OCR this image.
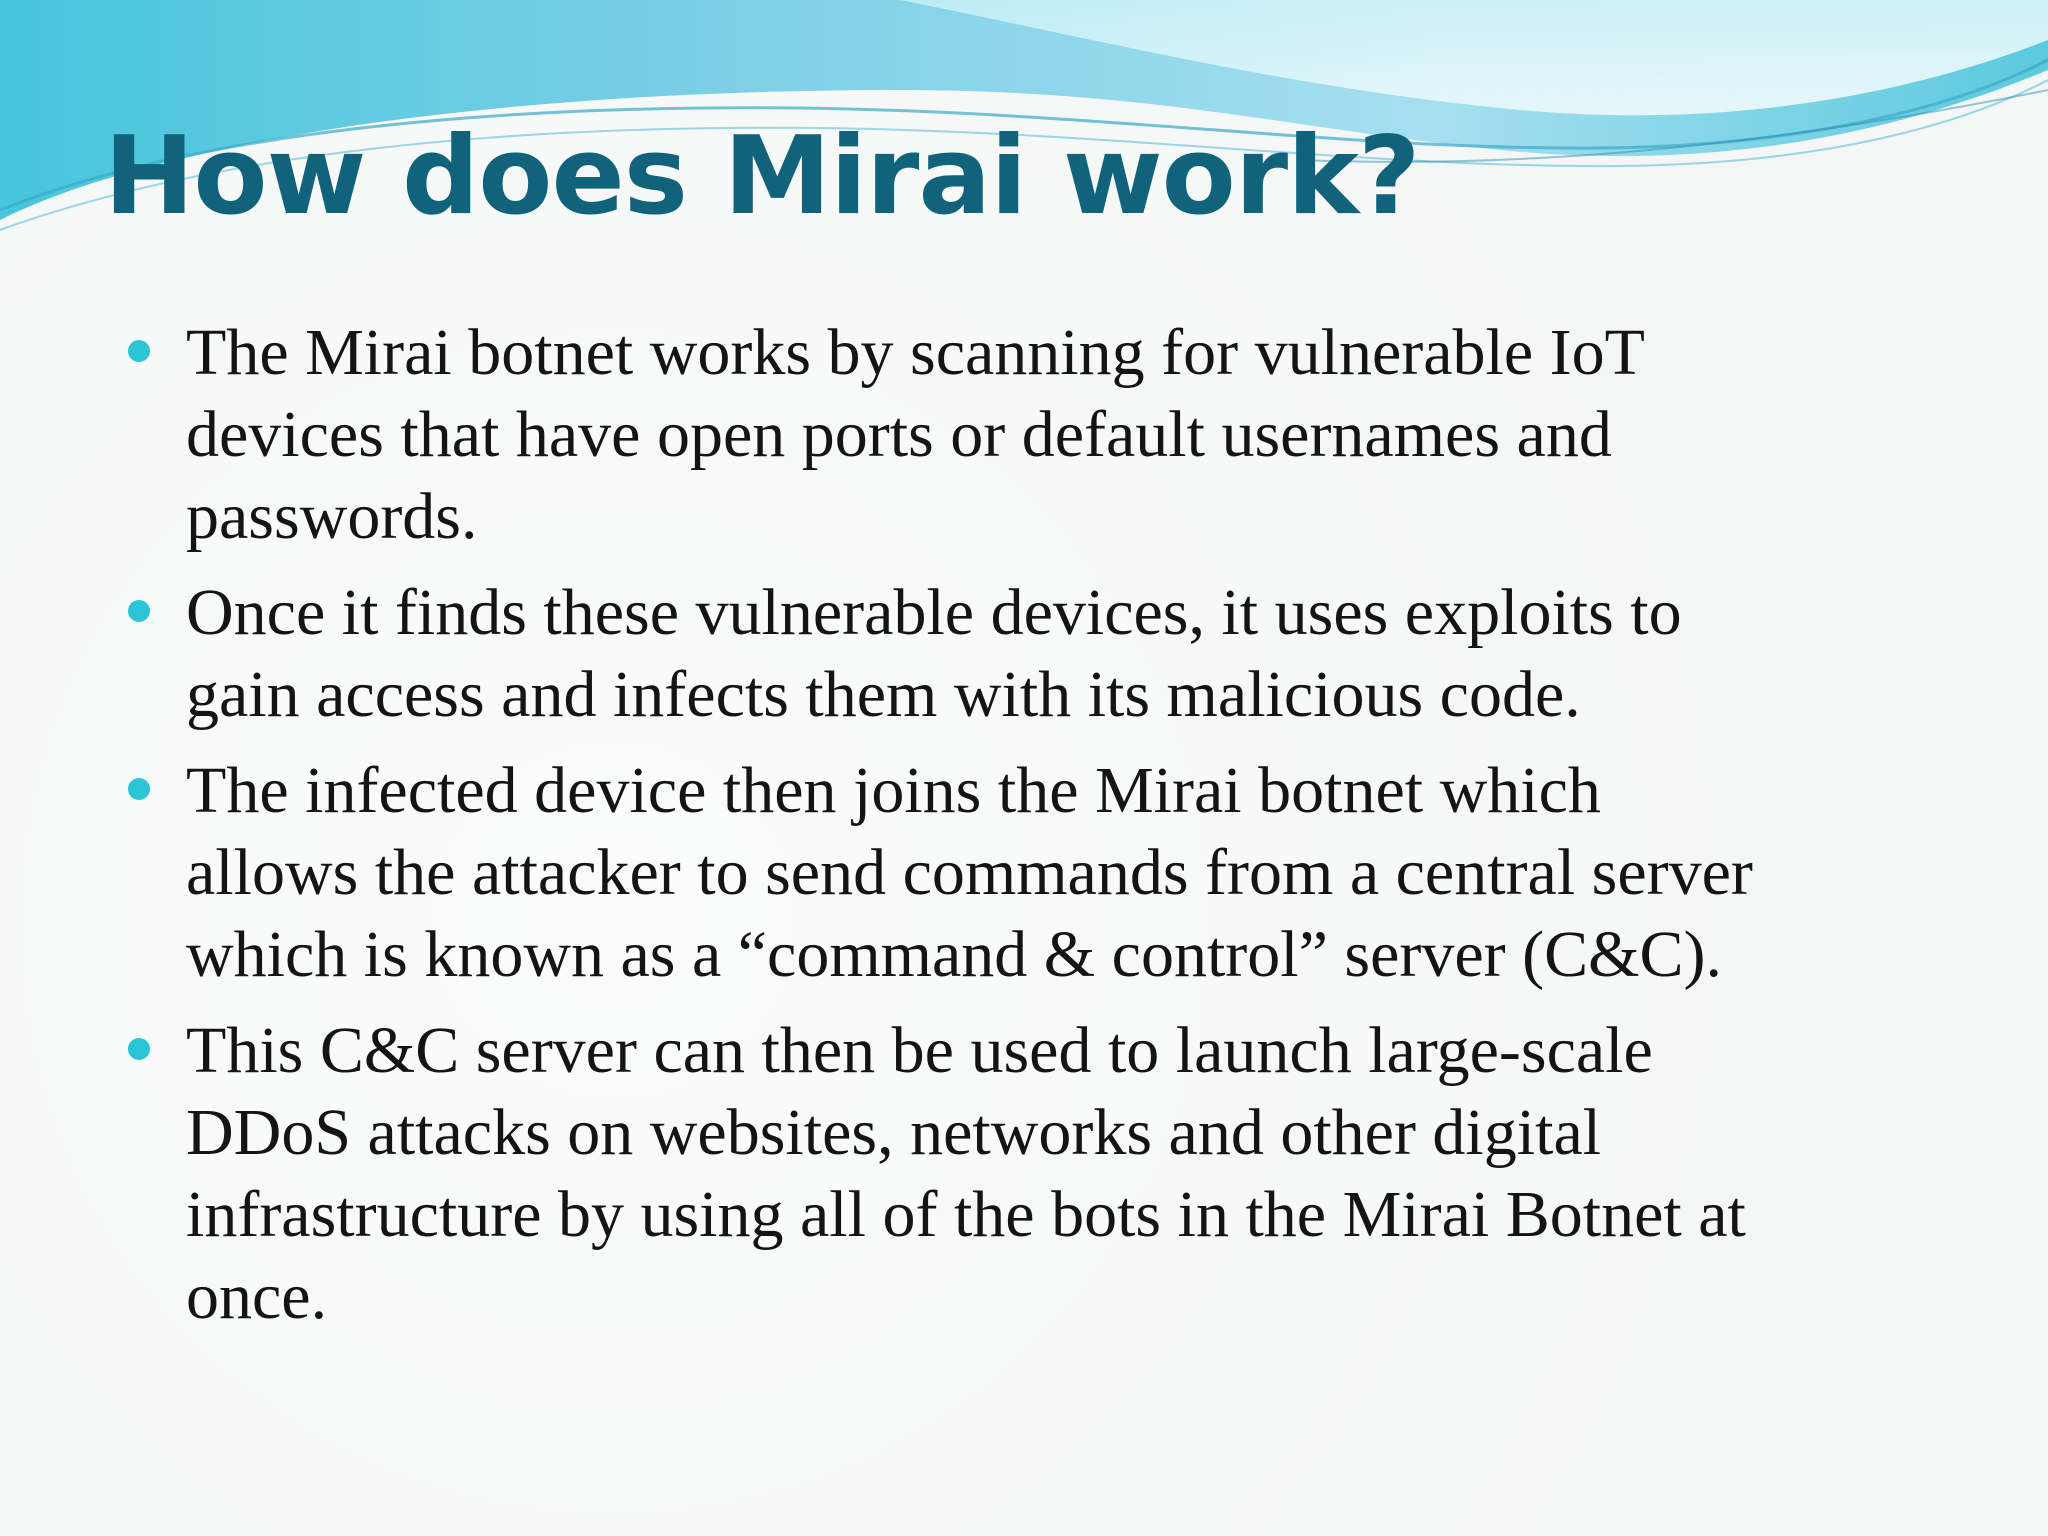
How does Mirai work?
The Mirai botnet works by scanning for vulnerable IoT
devices that have open ports or default usernames and
passwords.
Once it finds these vulnerable devices, it uses exploits to
gain access and infects them with its malicious code.
The infected device then joins the Mirai botnet which
allows the attacker to send commands from a central server
which is known as a “command & control” server (C&C).
This C&C server can then be used to launch large-scale
DDoS attacks on websites, networks and other digital
infrastructure by using all of the bots in the Mirai Botnet at
once.
